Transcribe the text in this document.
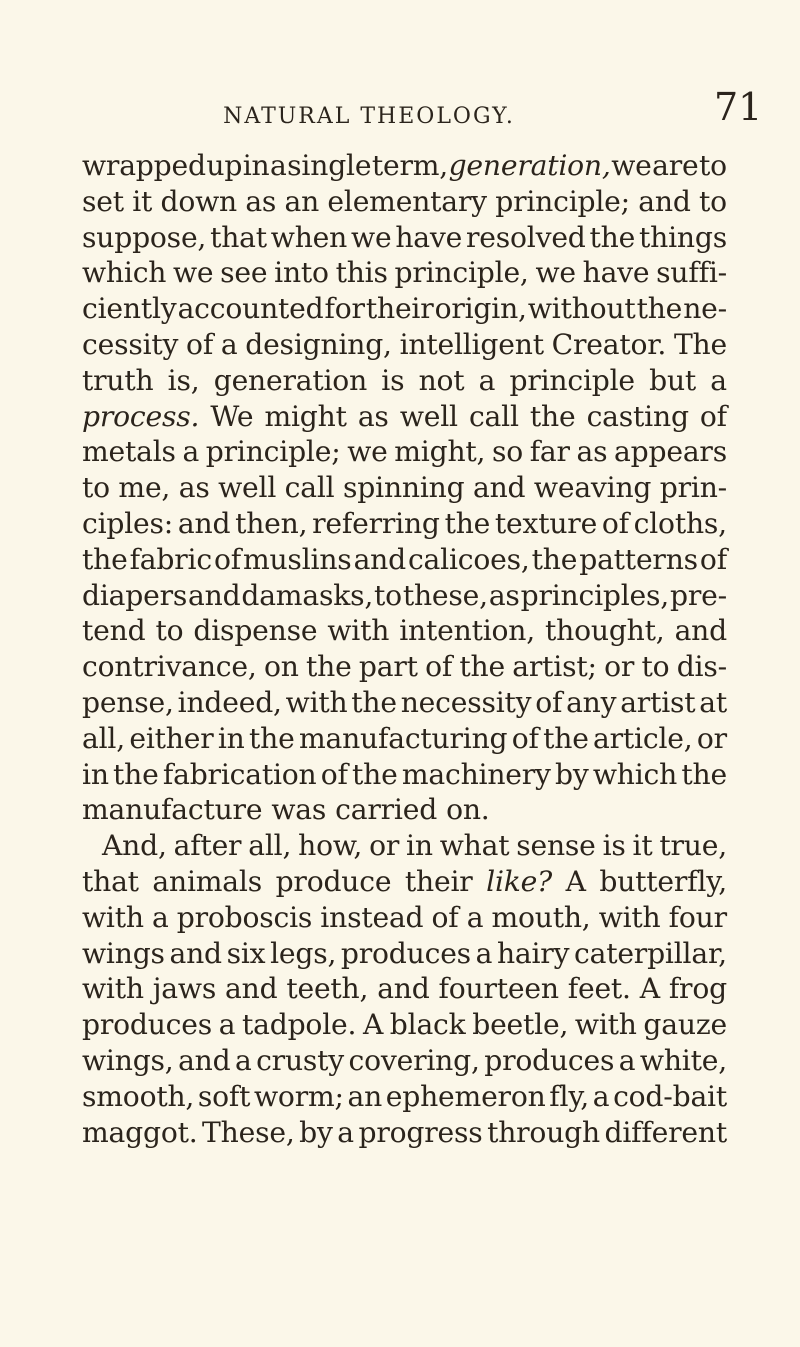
NATURAL THEOLOGY.	71
wrapped up in a single term, generation, we are to
set it down as an elementary principle; and to
suppose, that when we have resolved the things
which we see into this principle, we have suffi-
ciently accounted for their origin, without the ne-
cessity of a designing, intelligent Creator. The
truth is, generation is not a principle but a
process. We might as well call the casting of
metals a principle; we might, so far as appears
to me, as well call spinning and weaving prin-
ciples: and then, referring the texture of cloths,
the fabric of muslins and calicoes, the patterns of
diapers and damasks, to these, as principles, pre-
tend to dispense with intention, thought, and
contrivance, on the part of the artist; or to dis-
pense, indeed, with the necessity of any artist at
all, either in the manufacturing of the article, or
in the fabrication of the machinery by which the
manufacture was carried on.
And, after all, how, or in what sense is it true,
that animals produce their like? A butterfly,
with a proboscis instead of a mouth, with four
wings and six legs, produces a hairy caterpillar,
with jaws and teeth, and fourteen feet. A frog
produces a tadpole. A black beetle, with gauze
wings, and a crusty covering, produces a white,
smooth, soft worm; an ephemeron fly, a cod-bait
maggot. These, by a progress through different
